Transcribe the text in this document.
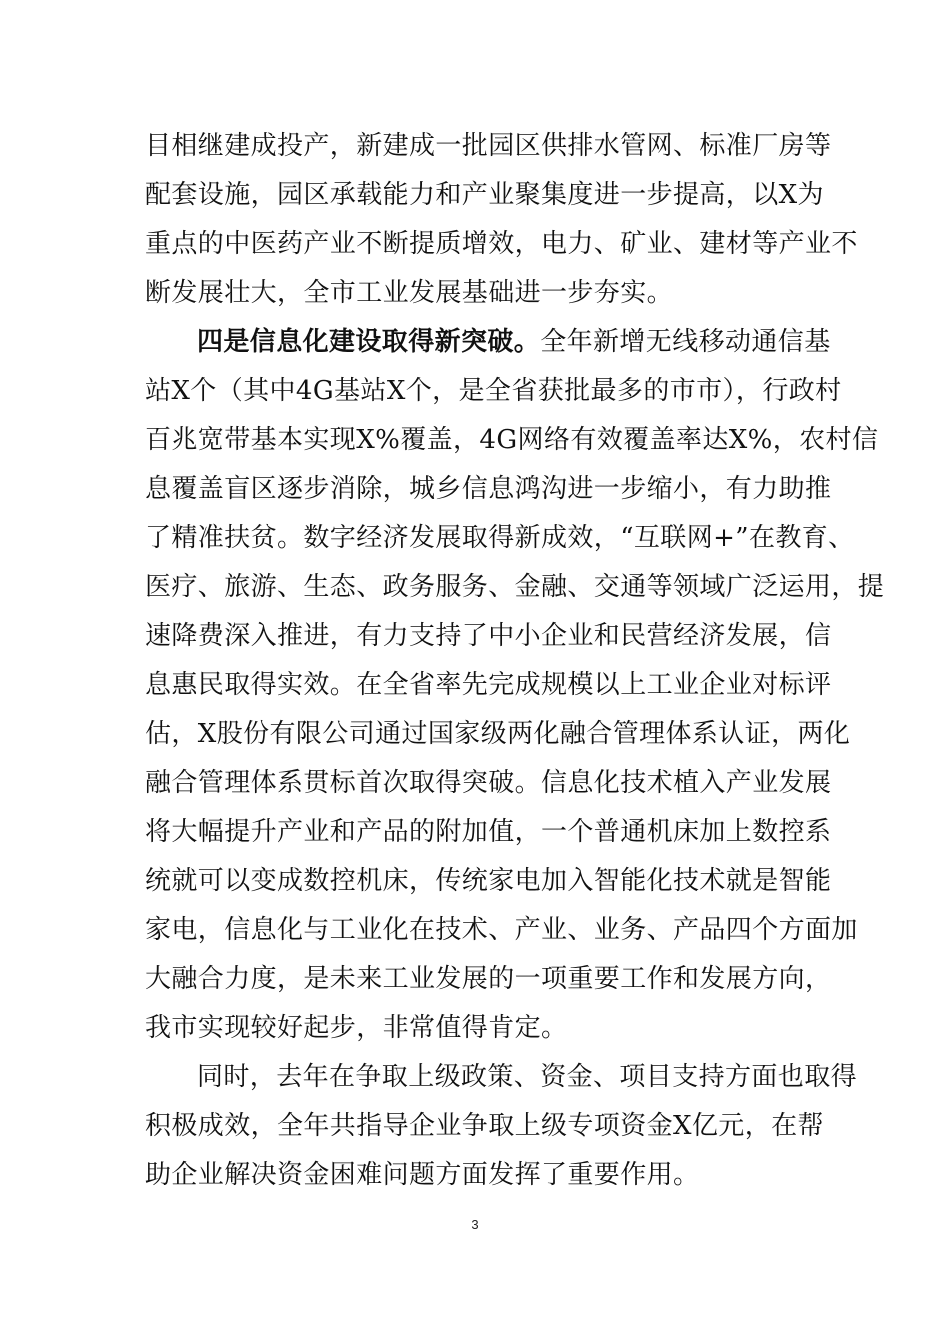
目相继建成投产，新建成一批园区供排水管网、标准厂房等
配套设施，园区承载能力和产业聚集度进一步提高，以X为
重点的中医药产业不断提质增效，电力、矿业、建材等产业不
断发展壮大，全市工业发展基础进一步夯实。
四是信息化建设取得新突破。全年新增无线移动通信基
站X个（其中4G基站X个，是全省获批最多的市市），行政村
百兆宽带基本实现X%覆盖，4G网络有效覆盖率达X%，农村信
息覆盖盲区逐步消除，城乡信息鸿沟进一步缩小，有力助推
了精准扶贫。数字经济发展取得新成效，“互联网+”在教育、
医疗、旅游、生态、政务服务、金融、交通等领域广泛运用，提
速降费深入推进，有力支持了中小企业和民营经济发展，信
息惠民取得实效。在全省率先完成规模以上工业企业对标评
估，X股份有限公司通过国家级两化融合管理体系认证，两化
融合管理体系贯标首次取得突破。信息化技术植入产业发展
将大幅提升产业和产品的附加值，一个普通机床加上数控系
统就可以变成数控机床，传统家电加入智能化技术就是智能
家电，信息化与工业化在技术、产业、业务、产品四个方面加
大融合力度，是未来工业发展的一项重要工作和发展方向，
我市实现较好起步，非常值得肯定。
同时，去年在争取上级政策、资金、项目支持方面也取得
积极成效，全年共指导企业争取上级专项资金X亿元，在帮
助企业解决资金困难问题方面发挥了重要作用。
3
